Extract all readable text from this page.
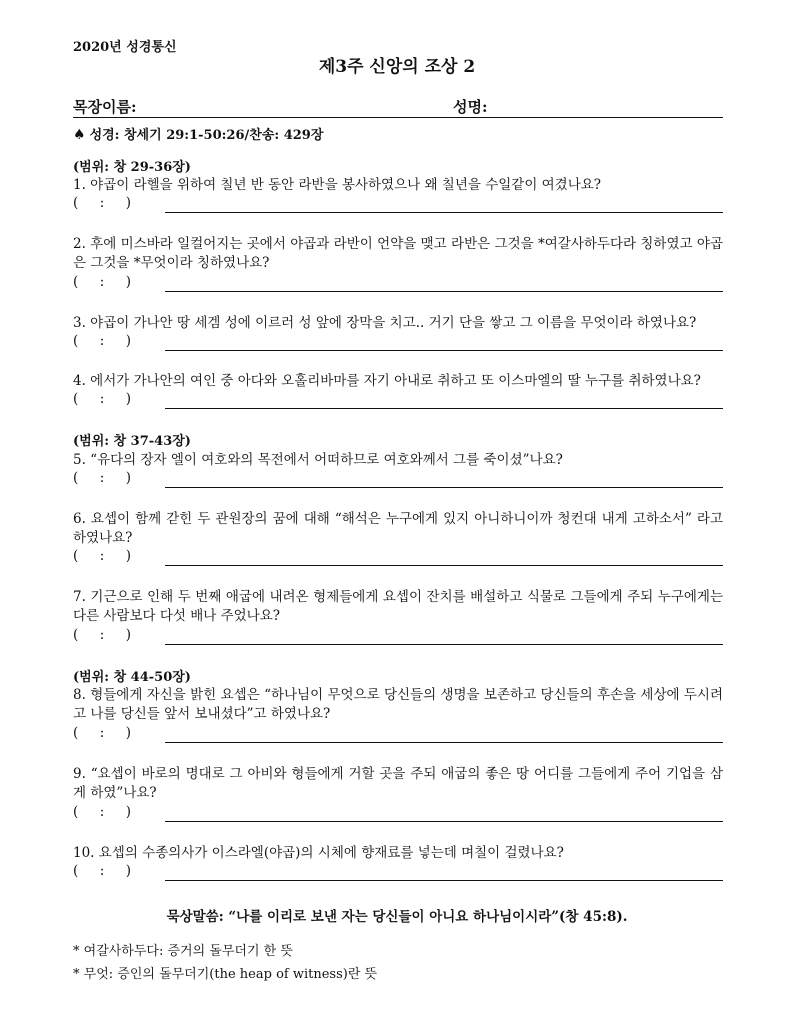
2020년 성경통신
제3주 신앙의 조상 2
목장이름:	성명:
♠ 성경: 창세기 29:1-50:26/찬송: 429장
(범위: 창 29-36장)
1. 야곱이 라헬을 위하여 칠년 반 동안 라반을 봉사하였으나 왜 칠년을 수일같이 여겼나요?
(     :     )
2. 후에 미스바라 일컬어지는 곳에서 야곱과 라반이 언약을 맺고 라반은 그것을 *여갈사하두다라 칭하였고 야곱은 그것을 *무엇이라 칭하였나요?
(     :     )
3. 야곱이 가나안 땅 세겜 성에 이르러 성 앞에 장막을 치고.. 거기 단을 쌓고 그 이름을 무엇이라 하였나요?
(     :     )
4. 에서가 가나안의 여인 중 아다와 오홀리바마를 자기 아내로 취하고 또 이스마엘의 딸 누구를 취하였나요?
(     :     )
(범위: 창 37-43장)
5. “유다의 장자 엘이 여호와의 목전에서 어떠하므로 여호와께서 그를 죽이셨”나요?
(     :     )
6. 요셉이 함께 갇힌 두 관원장의 꿈에 대해 “해석은 누구에게 있지 아니하니이까 청컨대 내게 고하소서” 라고 하였나요?
(     :     )
7. 기근으로 인해 두 번째 애굽에 내려온 형제들에게 요셉이 잔치를 배설하고 식물로 그들에게 주되 누구에게는 다른 사람보다 다섯 배나 주었나요?
(     :     )
(범위: 창 44-50장)
8. 형들에게 자신을 밝힌 요셉은 “하나님이 무엇으로 당신들의 생명을 보존하고 당신들의 후손을 세상에 두시려고 나를 당신들 앞서 보내셨다”고 하였나요?
(     :     )
9. “요셉이 바로의 명대로 그 아비와 형들에게 거할 곳을 주되 애굽의 좋은 땅 어디를 그들에게 주어 기업을 삼게 하였”나요?
(     :     )
10. 요셉의 수종의사가 이스라엘(야곱)의 시체에 향재료를 넣는데 며칠이 걸렸나요?
(     :     )
묵상말씀: “나를 이리로 보낸 자는 당신들이 아니요 하나님이시라”(창 45:8).
* 여갈사하두다: 증거의 돌무더기 한 뜻
* 무엇: 증인의 돌무더기(the heap of witness)란 뜻
